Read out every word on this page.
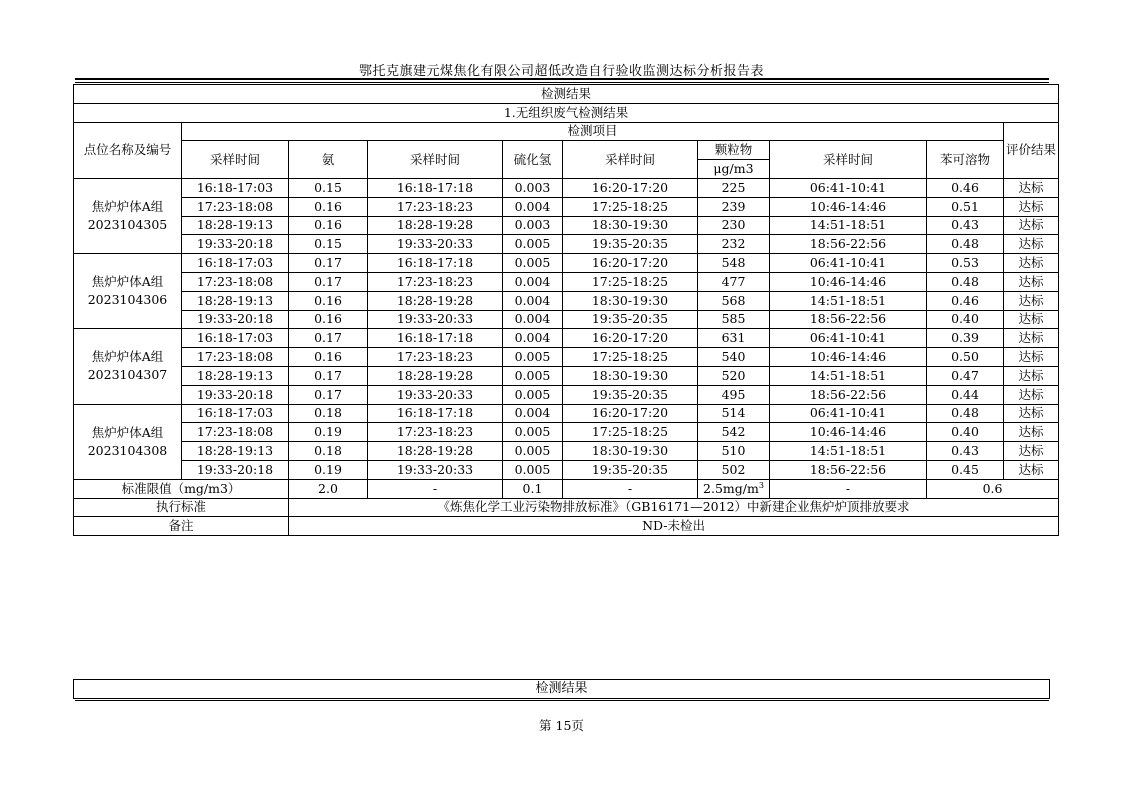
鄂托克旗建元煤焦化有限公司超低改造自行验收监测达标分析报告表
检测结果									
1.无组织废气检测结果									
点位名称及编号	检测项目								评价结果
	采样时间	氨	采样时间	硫化氢	采样时间	颗粒物	采样时间	苯可溶物	
						μg/m3			

焦炉炉体A组
2023104305	16:18-17:03	0.15	16:18-17:18	0.003	16:20-17:20	225	06:41-10:41	0.46	达标
	17:23-18:08	0.16	17:23-18:23	0.004	17:25-18:25	239	10:46-14:46	0.51	达标
	18:28-19:13	0.16	18:28-19:28	0.003	18:30-19:30	230	14:51-18:51	0.43	达标
	19:33-20:18	0.15	19:33-20:33	0.005	19:35-20:35	232	18:56-22:56	0.48	达标

焦炉炉体A组
2023104306	16:18-17:03	0.17	16:18-17:18	0.005	16:20-17:20	548	06:41-10:41	0.53	达标
	17:23-18:08	0.17	17:23-18:23	0.004	17:25-18:25	477	10:46-14:46	0.48	达标
	18:28-19:13	0.16	18:28-19:28	0.004	18:30-19:30	568	14:51-18:51	0.46	达标
	19:33-20:18	0.16	19:33-20:33	0.004	19:35-20:35	585	18:56-22:56	0.40	达标

焦炉炉体A组
2023104307	16:18-17:03	0.17	16:18-17:18	0.004	16:20-17:20	631	06:41-10:41	0.39	达标
	17:23-18:08	0.16	17:23-18:23	0.005	17:25-18:25	540	10:46-14:46	0.50	达标
	18:28-19:13	0.17	18:28-19:28	0.005	18:30-19:30	520	14:51-18:51	0.47	达标
	19:33-20:18	0.17	19:33-20:33	0.005	19:35-20:35	495	18:56-22:56	0.44	达标

焦炉炉体A组
2023104308	16:18-17:03	0.18	16:18-17:18	0.004	16:20-17:20	514	06:41-10:41	0.48	达标
	17:23-18:08	0.19	17:23-18:23	0.005	17:25-18:25	542	10:46-14:46	0.40	达标
	18:28-19:13	0.18	18:28-19:28	0.005	18:30-19:30	510	14:51-18:51	0.43	达标
	19:33-20:18	0.19	19:33-20:33	0.005	19:35-20:35	502	18:56-22:56	0.45	达标
标准限值（mg/m3）		2.0	-	0.1	-	$2.5mg/m^3$	-	0.6	
执行标准		《炼焦化学工业污染物排放标准》（GB16171—2012）中新建企业焦炉炉顶排放要求							
备注		ND-未检出							
检测结果
第 15页
